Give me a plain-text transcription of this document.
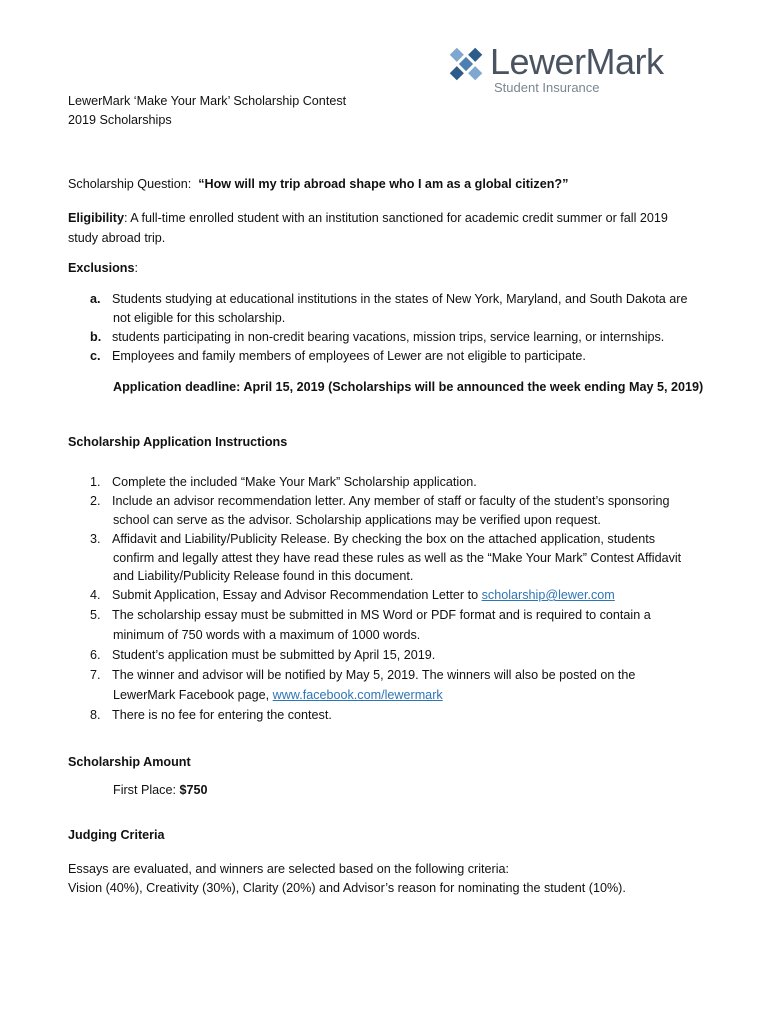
LewerMark
Student Insurance
LewerMark ‘Make Your Mark’ Scholarship Contest
2019 Scholarships
Scholarship Question: “How will my trip abroad shape who I am as a global citizen?”
Eligibility: A full-time enrolled student with an institution sanctioned for academic credit summer or fall 2019
study abroad trip.
Exclusions:
a. Students studying at educational institutions in the states of New York, Maryland, and South Dakota are
not eligible for this scholarship.
b. students participating in non-credit bearing vacations, mission trips, service learning, or internships.
c. Employees and family members of employees of Lewer are not eligible to participate.
Application deadline: April 15, 2019 (Scholarships will be announced the week ending May 5, 2019)
Scholarship Application Instructions
1. Complete the included “Make Your Mark” Scholarship application.
2. Include an advisor recommendation letter. Any member of staff or faculty of the student’s sponsoring
school can serve as the advisor. Scholarship applications may be verified upon request.
3. Affidavit and Liability/Publicity Release. By checking the box on the attached application, students
confirm and legally attest they have read these rules as well as the “Make Your Mark” Contest Affidavit
and Liability/Publicity Release found in this document.
4. Submit Application, Essay and Advisor Recommendation Letter to scholarship@lewer.com
5. The scholarship essay must be submitted in MS Word or PDF format and is required to contain a
minimum of 750 words with a maximum of 1000 words.
6. Student’s application must be submitted by April 15, 2019.
7. The winner and advisor will be notified by May 5, 2019. The winners will also be posted on the
LewerMark Facebook page, www.facebook.com/lewermark
8. There is no fee for entering the contest.
Scholarship Amount
First Place: $750
Judging Criteria
Essays are evaluated, and winners are selected based on the following criteria:
Vision (40%), Creativity (30%), Clarity (20%) and Advisor’s reason for nominating the student (10%).
